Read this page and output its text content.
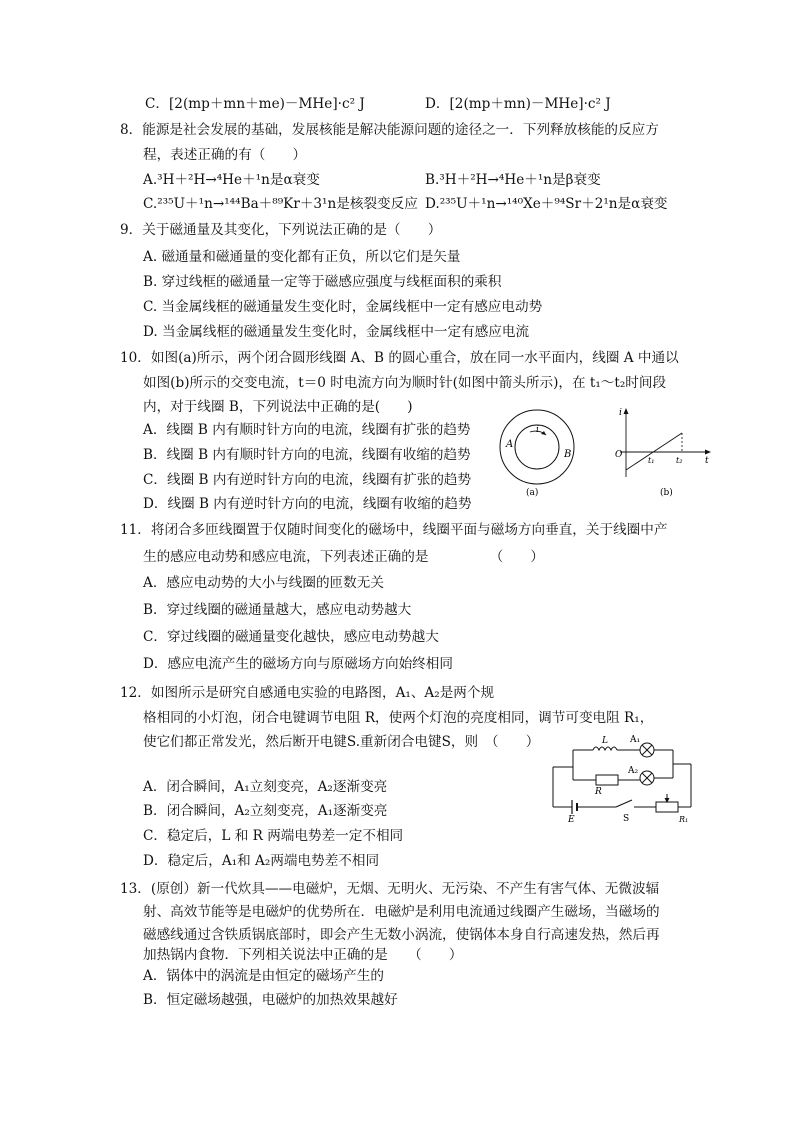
C．[2(mp＋mn＋me)－MHe]·c² J	D．[2(mp＋mn)－MHe]·c² J
8．能源是社会发展的基础，发展核能是解决能源问题的途径之一．下列释放核能的反应方
程，表述正确的有（　　）
A.³H＋²H→⁴He＋¹n是α衰变	B.³H＋²H→⁴He＋¹n是β衰变
C.²³⁵U＋¹n→¹⁴⁴Ba＋⁸⁹Kr＋3¹n是核裂变反应 D.²³⁵U＋¹n→¹⁴⁰Xe＋⁹⁴Sr＋2¹n是α衰变
9．关于磁通量及其变化，下列说法正确的是（　　）
A. 磁通量和磁通量的变化都有正负，所以它们是矢量
B. 穿过线框的磁通量一定等于磁感应强度与线框面积的乘积
C. 当金属线框的磁通量发生变化时，金属线框中一定有感应电动势
D. 当金属线框的磁通量发生变化时，金属线框中一定有感应电流
10．如图(a)所示，两个闭合圆形线圈 A、B 的圆心重合，放在同一水平面内，线圈 A 中通以
如图(b)所示的交变电流，t＝0 时电流方向为顺时针(如图中箭头所示)，在 t₁～t₂时间段
内，对于线圈 B，下列说法中正确的是(　　)
A．线圈 B 内有顺时针方向的电流，线圈有扩张的趋势
B．线圈 B 内有顺时针方向的电流，线圈有收缩的趋势
C．线圈 B 内有逆时针方向的电流，线圈有扩张的趋势
D．线圈 B 内有逆时针方向的电流，线圈有收缩的趋势
A
i
B
(a)
i
O
t₁	t₂	t
(b)
11．将闭合多匝线圈置于仅随时间变化的磁场中，线圈平面与磁场方向垂直，关于线圈中产
生的感应电动势和感应电流，下列表述正确的是　　　　　（　　）
A．感应电动势的大小与线圈的匝数无关
B．穿过线圈的磁通量越大，感应电动势越大
C．穿过线圈的磁通量变化越快，感应电动势越大
D．感应电流产生的磁场方向与原磁场方向始终相同
12．如图所示是研究自感通电实验的电路图，A₁、A₂是两个规
格相同的小灯泡，闭合电键调节电阻 R，使两个灯泡的亮度相同，调节可变电阻 R₁，
使它们都正常发光，然后断开电键S.重新闭合电键S，则　（　　）
A．闭合瞬间，A₁立刻变亮，A₂逐渐变亮
B．闭合瞬间，A₂立刻变亮，A₁逐渐变亮
C．稳定后，L 和 R 两端电势差一定不相同
D．稳定后，A₁和 A₂两端电势差不相同
L A₁
A₂
R
E	S	R₁
13．(原创）新一代炊具——电磁炉，无烟、无明火、无污染、不产生有害气体、无微波辐
射、高效节能等是电磁炉的优势所在．电磁炉是利用电流通过线圈产生磁场，当磁场的
磁感线通过含铁质锅底部时，即会产生无数小涡流，使锅体本身自行高速发热，然后再
加热锅内食物．下列相关说法中正确的是　　（　　）
A．锅体中的涡流是由恒定的磁场产生的
B．恒定磁场越强，电磁炉的加热效果越好
